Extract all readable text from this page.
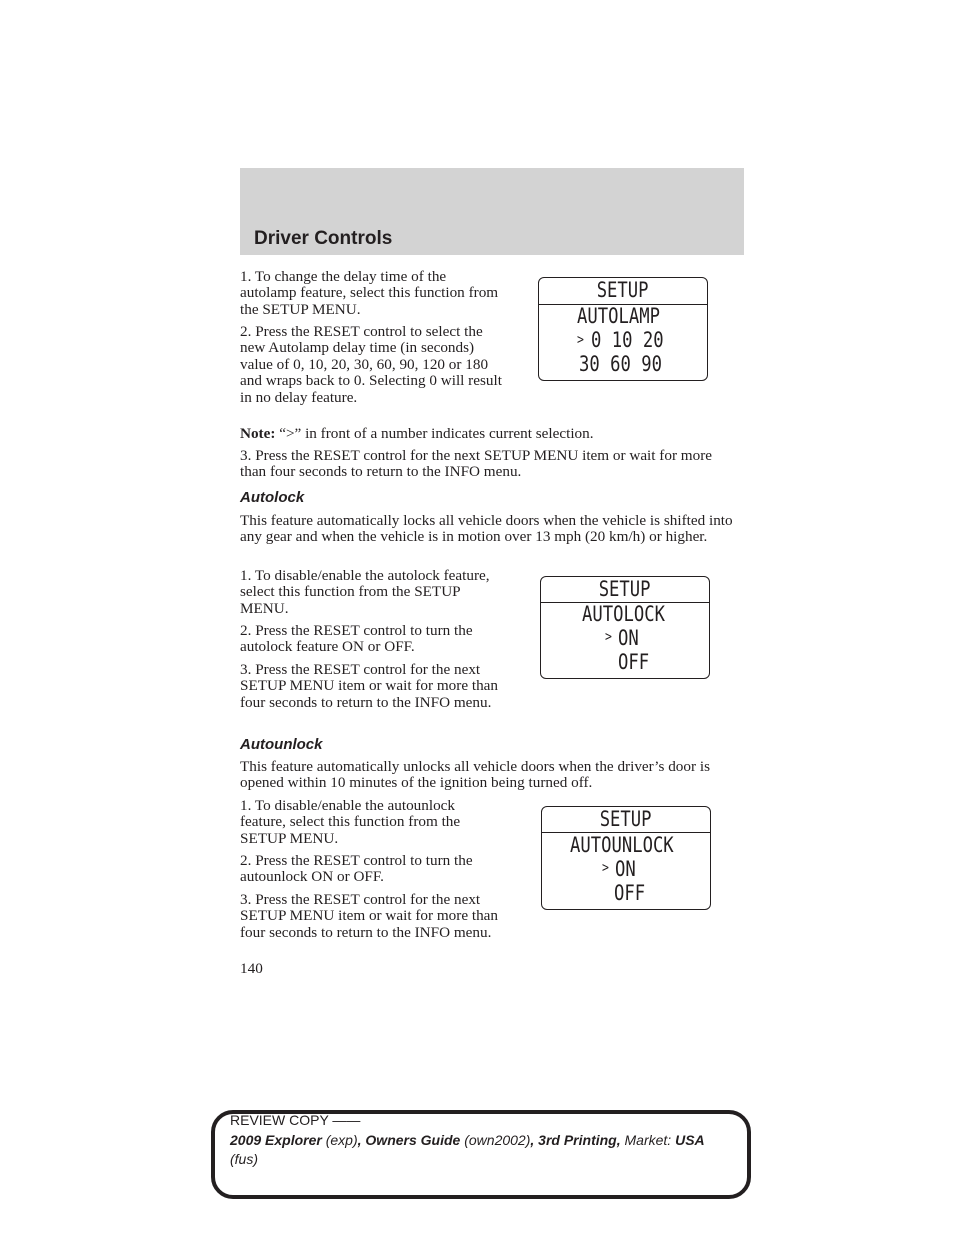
Driver Controls

1. To change the delay time of the autolamp feature, select this function from the SETUP MENU.

2. Press the RESET control to select the new Autolamp delay time (in seconds) value of 0, 10, 20, 30, 60, 90, 120 or 180 and wraps back to 0. Selecting 0 will result in no delay feature.

SETUP
AUTOLAMP
> 0 10 20
30 60 90

Note: “>” in front of a number indicates current selection.

3. Press the RESET control for the next SETUP MENU item or wait for more than four seconds to return to the INFO menu.

Autolock

This feature automatically locks all vehicle doors when the vehicle is shifted into any gear and when the vehicle is in motion over 13 mph (20 km/h) or higher.

1. To disable/enable the autolock feature, select this function from the SETUP MENU.

2. Press the RESET control to turn the autolock feature ON or OFF.

3. Press the RESET control for the next SETUP MENU item or wait for more than four seconds to return to the INFO menu.

SETUP
AUTOLOCK
> ON
OFF
Autounlock

This feature automatically unlocks all vehicle doors when the driver’s door is opened within 10 minutes of the ignition being turned off.

1. To disable/enable the autounlock feature, select this function from the SETUP MENU.

2. Press the RESET control to turn the autounlock ON or OFF.

3. Press the RESET control for the next SETUP MENU item or wait for more than four seconds to return to the INFO menu.

SETUP
AUTOUNLOCK
> ON
OFF

140

REVIEW COPY ——
2009 Explorer (exp), Owners Guide (own2002), 3rd Printing, Market: USA
(fus)
